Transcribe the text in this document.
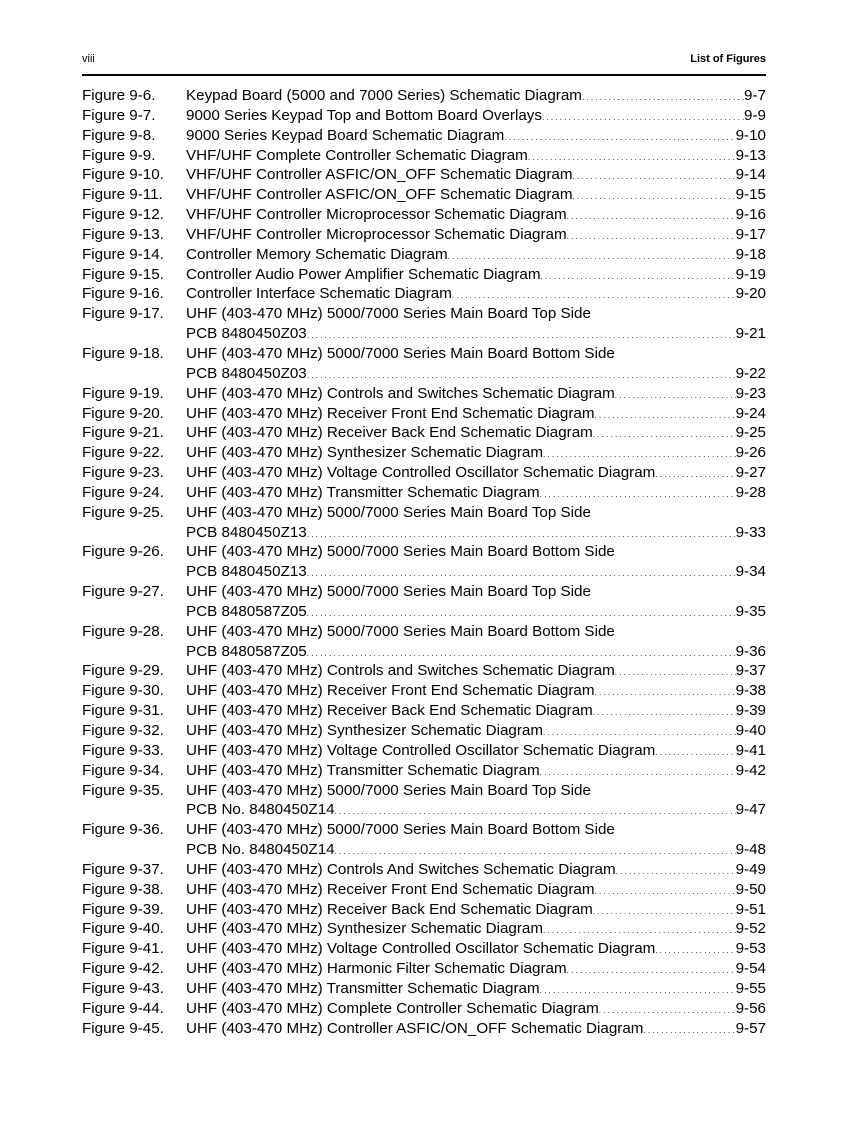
viii	List of Figures
Figure 9-6. Keypad Board (5000 and 7000 Series) Schematic Diagram . . .	9-7
Figure 9-7. 9000 Series Keypad Top and Bottom Board Overlays . . .	9-9
Figure 9-8. 9000 Series Keypad Board Schematic Diagram . . .	9-10
Figure 9-9. VHF/UHF Complete Controller Schematic Diagram . . .	9-13
Figure 9-10. VHF/UHF Controller ASFIC/ON_OFF Schematic Diagram . . .	9-14
Figure 9-11. VHF/UHF Controller ASFIC/ON_OFF Schematic Diagram . . .	9-15
Figure 9-12. VHF/UHF Controller Microprocessor Schematic Diagram . . .	9-16
Figure 9-13. VHF/UHF Controller Microprocessor Schematic Diagram . . .	9-17
Figure 9-14. Controller Memory Schematic Diagram . . .	9-18
Figure 9-15. Controller Audio Power Amplifier Schematic Diagram . . .	9-19
Figure 9-16. Controller Interface Schematic Diagram . . .	9-20
Figure 9-17. UHF (403-470 MHz) 5000/7000 Series Main Board Top Side
PCB 8480450Z03 . . .	9-21
Figure 9-18. UHF (403-470 MHz) 5000/7000 Series Main Board Bottom Side
PCB 8480450Z03 . . .	9-22
Figure 9-19. UHF (403-470 MHz) Controls and Switches Schematic Diagram . . .	9-23
Figure 9-20. UHF (403-470 MHz) Receiver Front End Schematic Diagram . . .	9-24
Figure 9-21. UHF (403-470 MHz) Receiver Back End Schematic Diagram . . .	9-25
Figure 9-22. UHF (403-470 MHz) Synthesizer Schematic Diagram . . .	9-26
Figure 9-23. UHF (403-470 MHz) Voltage Controlled Oscillator Schematic Diagram . . .	9-27
Figure 9-24. UHF (403-470 MHz) Transmitter Schematic Diagram . . .	9-28
Figure 9-25. UHF (403-470 MHz) 5000/7000 Series Main Board Top Side
PCB 8480450Z13 . . .	9-33
Figure 9-26. UHF (403-470 MHz) 5000/7000 Series Main Board Bottom Side
PCB 8480450Z13 . . .	9-34
Figure 9-27. UHF (403-470 MHz) 5000/7000 Series Main Board Top Side
PCB 8480587Z05 . . .	9-35
Figure 9-28. UHF (403-470 MHz) 5000/7000 Series Main Board Bottom Side
PCB 8480587Z05 . . .	9-36
Figure 9-29. UHF (403-470 MHz) Controls and Switches Schematic Diagram . . .	9-37
Figure 9-30. UHF (403-470 MHz) Receiver Front End Schematic Diagram . . .	9-38
Figure 9-31. UHF (403-470 MHz) Receiver Back End Schematic Diagram . . .	9-39
Figure 9-32. UHF (403-470 MHz) Synthesizer Schematic Diagram . . .	9-40
Figure 9-33. UHF (403-470 MHz) Voltage Controlled Oscillator Schematic Diagram . . .	9-41
Figure 9-34. UHF (403-470 MHz) Transmitter Schematic Diagram . . .	9-42
Figure 9-35. UHF (403-470 MHz) 5000/7000 Series Main Board Top Side
PCB No. 8480450Z14 . . .	9-47
Figure 9-36. UHF (403-470 MHz) 5000/7000 Series Main Board Bottom Side
PCB No. 8480450Z14 . . .	9-48
Figure 9-37. UHF (403-470 MHz) Controls And Switches Schematic Diagram . . .	9-49
Figure 9-38. UHF (403-470 MHz) Receiver Front End Schematic Diagram . . .	9-50
Figure 9-39. UHF (403-470 MHz) Receiver Back End Schematic Diagram . . .	9-51
Figure 9-40. UHF (403-470 MHz) Synthesizer Schematic Diagram . . .	9-52
Figure 9-41. UHF (403-470 MHz) Voltage Controlled Oscillator Schematic Diagram . . .	9-53
Figure 9-42. UHF (403-470 MHz) Harmonic Filter Schematic Diagram . . .	9-54
Figure 9-43. UHF (403-470 MHz) Transmitter Schematic Diagram . . .	9-55
Figure 9-44. UHF (403-470 MHz) Complete Controller Schematic Diagram . . .	9-56
Figure 9-45. UHF (403-470 MHz) Controller ASFIC/ON_OFF Schematic Diagram . . .	9-57
